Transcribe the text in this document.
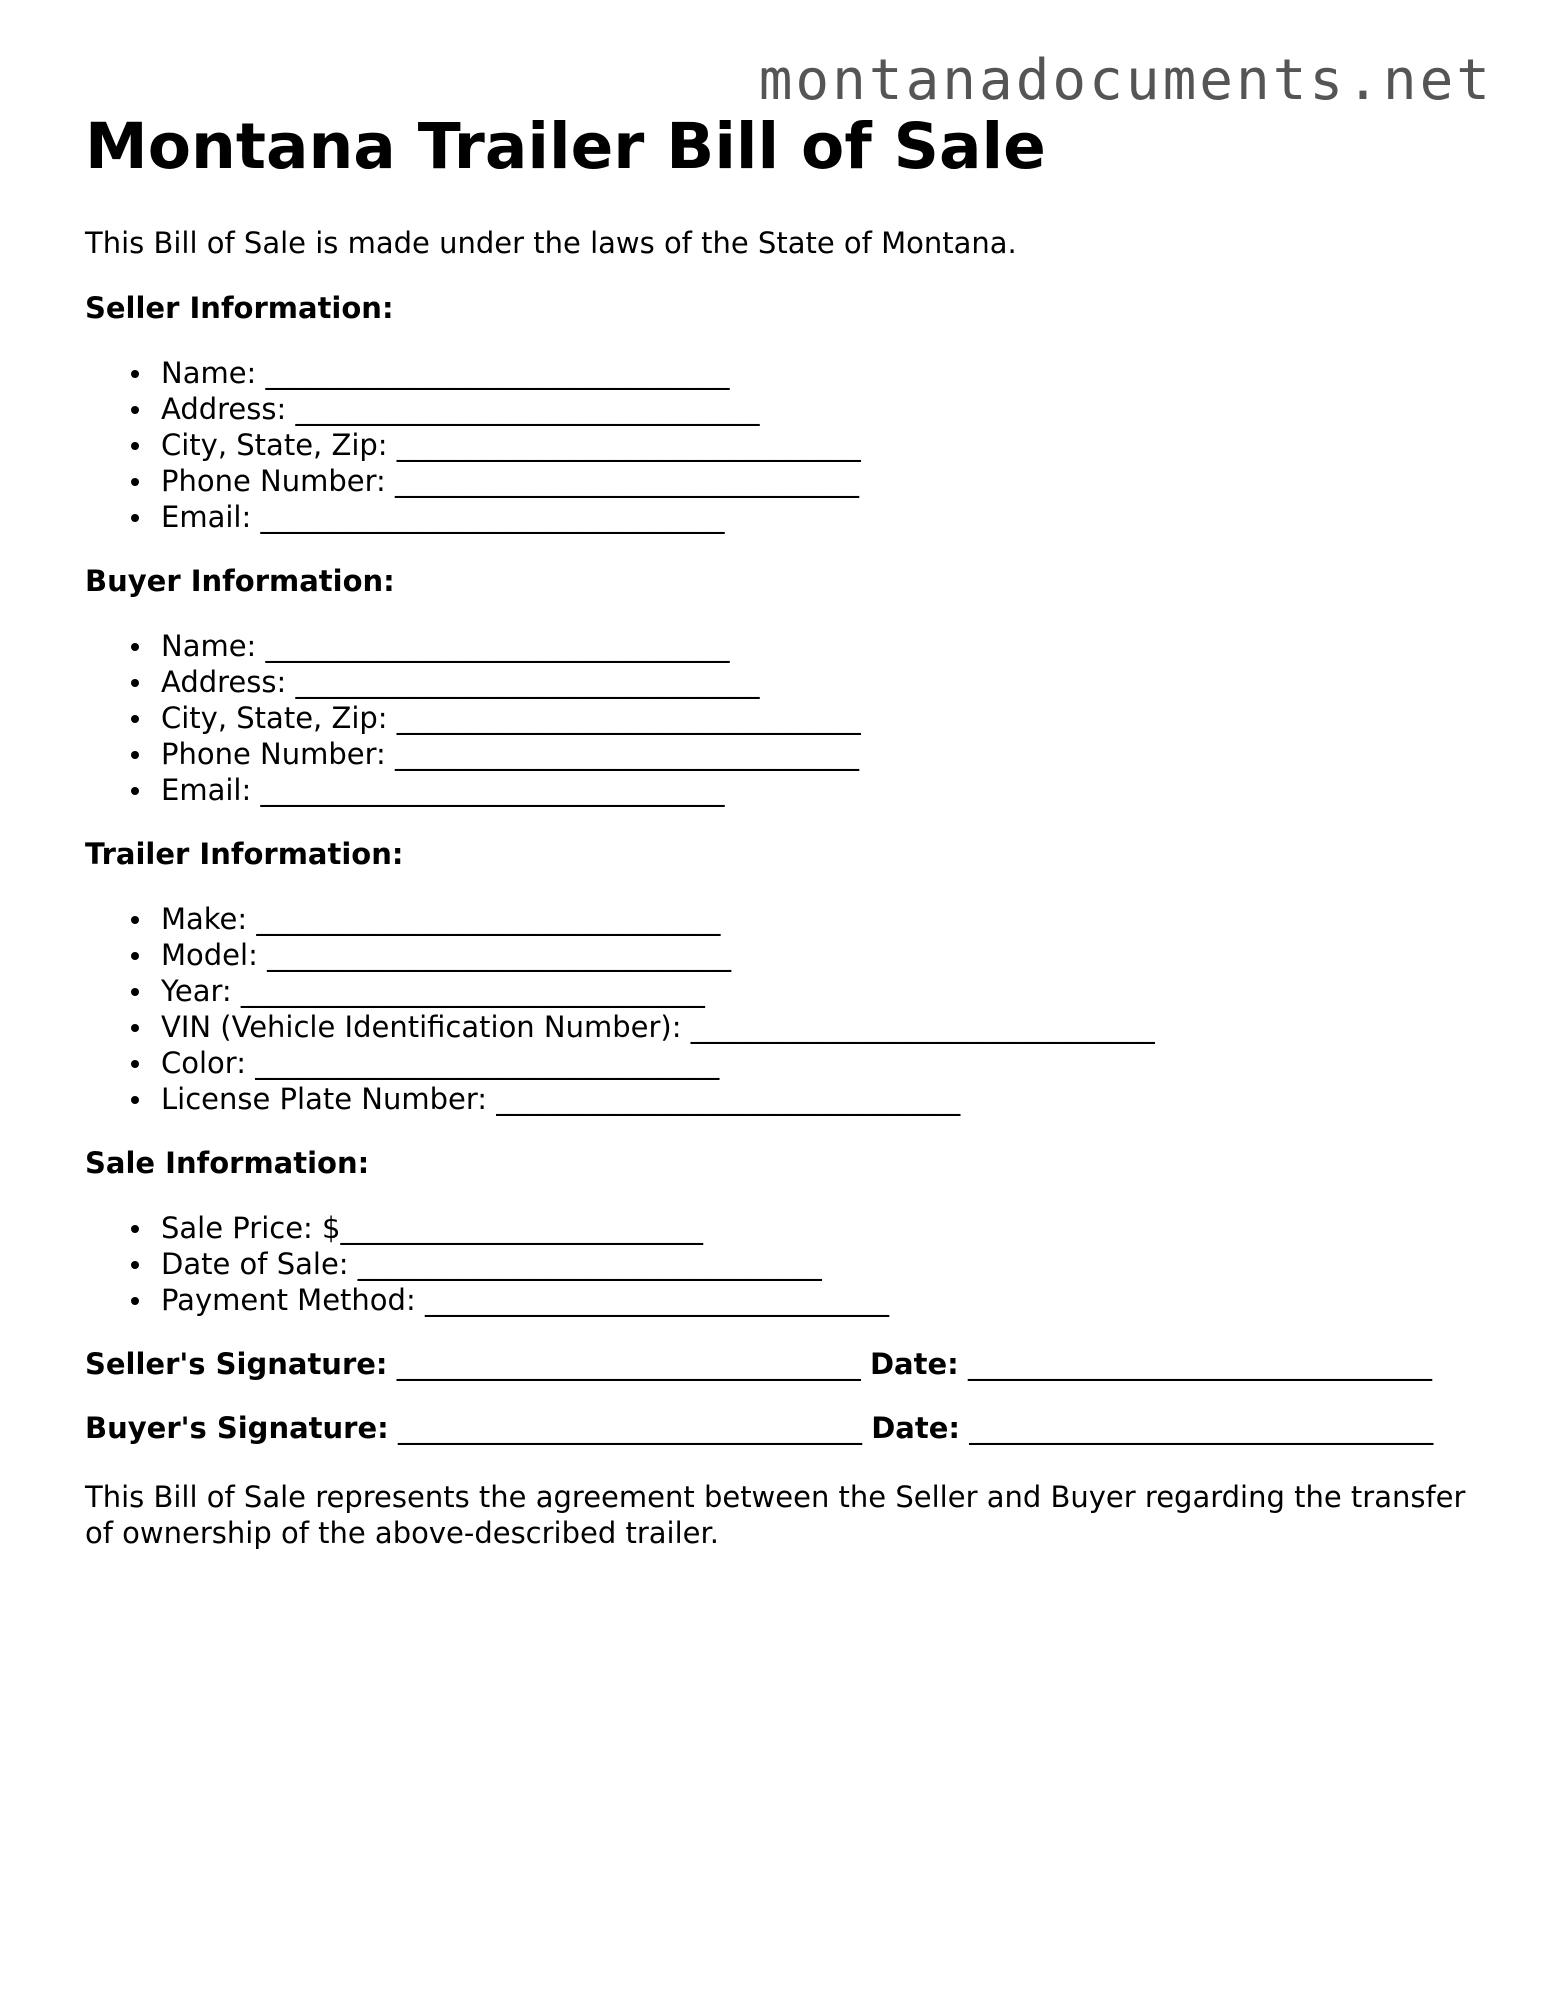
montanadocuments.net
Montana Trailer Bill of Sale

This Bill of Sale is made under the laws of the State of Montana.

Seller Information:

Name: ________________________________
Address: ________________________________
City, State, Zip: ________________________________
Phone Number: ________________________________
Email: ________________________________

Buyer Information:

Name: ________________________________
Address: ________________________________
City, State, Zip: ________________________________
Phone Number: ________________________________
Email: ________________________________

Trailer Information:

Make: ________________________________
Model: ________________________________
Year: ________________________________
VIN (Vehicle Identification Number): ________________________________
Color: ________________________________
License Plate Number: ________________________________

Sale Information:

Sale Price: $_________________________
Date of Sale: ________________________________
Payment Method: ________________________________

Seller's Signature: ________________________________ Date: ________________________________

Buyer's Signature: ________________________________ Date: ________________________________

This Bill of Sale represents the agreement between the Seller and Buyer regarding the transfer of ownership of the above-described trailer.
